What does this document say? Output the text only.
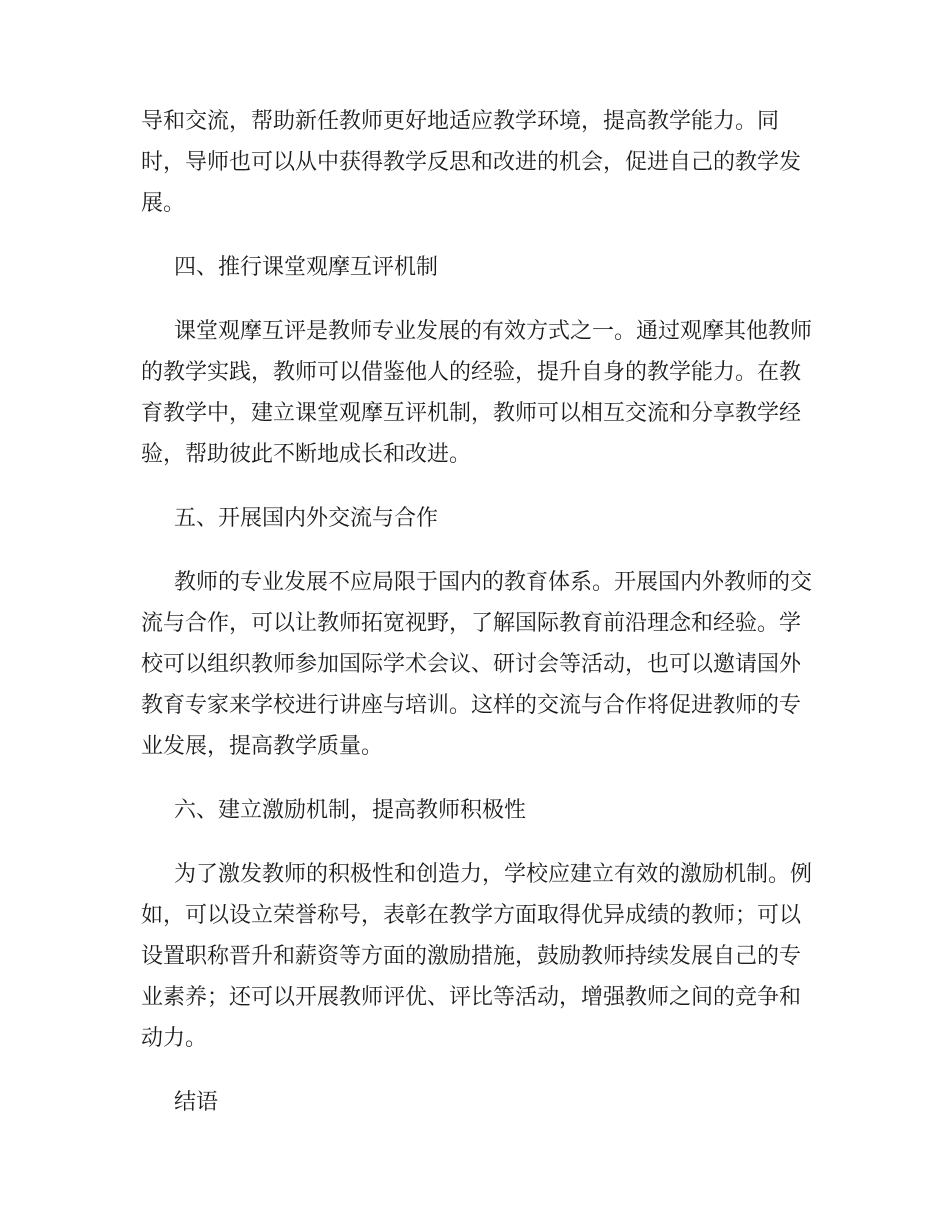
导和交流，帮助新任教师更好地适应教学环境，提高教学能力。同时，导师也可以从中获得教学反思和改进的机会，促进自己的教学发展。

四、推行课堂观摩互评机制

课堂观摩互评是教师专业发展的有效方式之一。通过观摩其他教师的教学实践，教师可以借鉴他人的经验，提升自身的教学能力。在教育教学中，建立课堂观摩互评机制，教师可以相互交流和分享教学经验，帮助彼此不断地成长和改进。

五、开展国内外交流与合作

教师的专业发展不应局限于国内的教育体系。开展国内外教师的交流与合作，可以让教师拓宽视野，了解国际教育前沿理念和经验。学校可以组织教师参加国际学术会议、研讨会等活动，也可以邀请国外教育专家来学校进行讲座与培训。这样的交流与合作将促进教师的专业发展，提高教学质量。

六、建立激励机制，提高教师积极性

为了激发教师的积极性和创造力，学校应建立有效的激励机制。例如，可以设立荣誉称号，表彰在教学方面取得优异成绩的教师；可以设置职称晋升和薪资等方面的激励措施，鼓励教师持续发展自己的专业素养；还可以开展教师评优、评比等活动，增强教师之间的竞争和动力。

结语
